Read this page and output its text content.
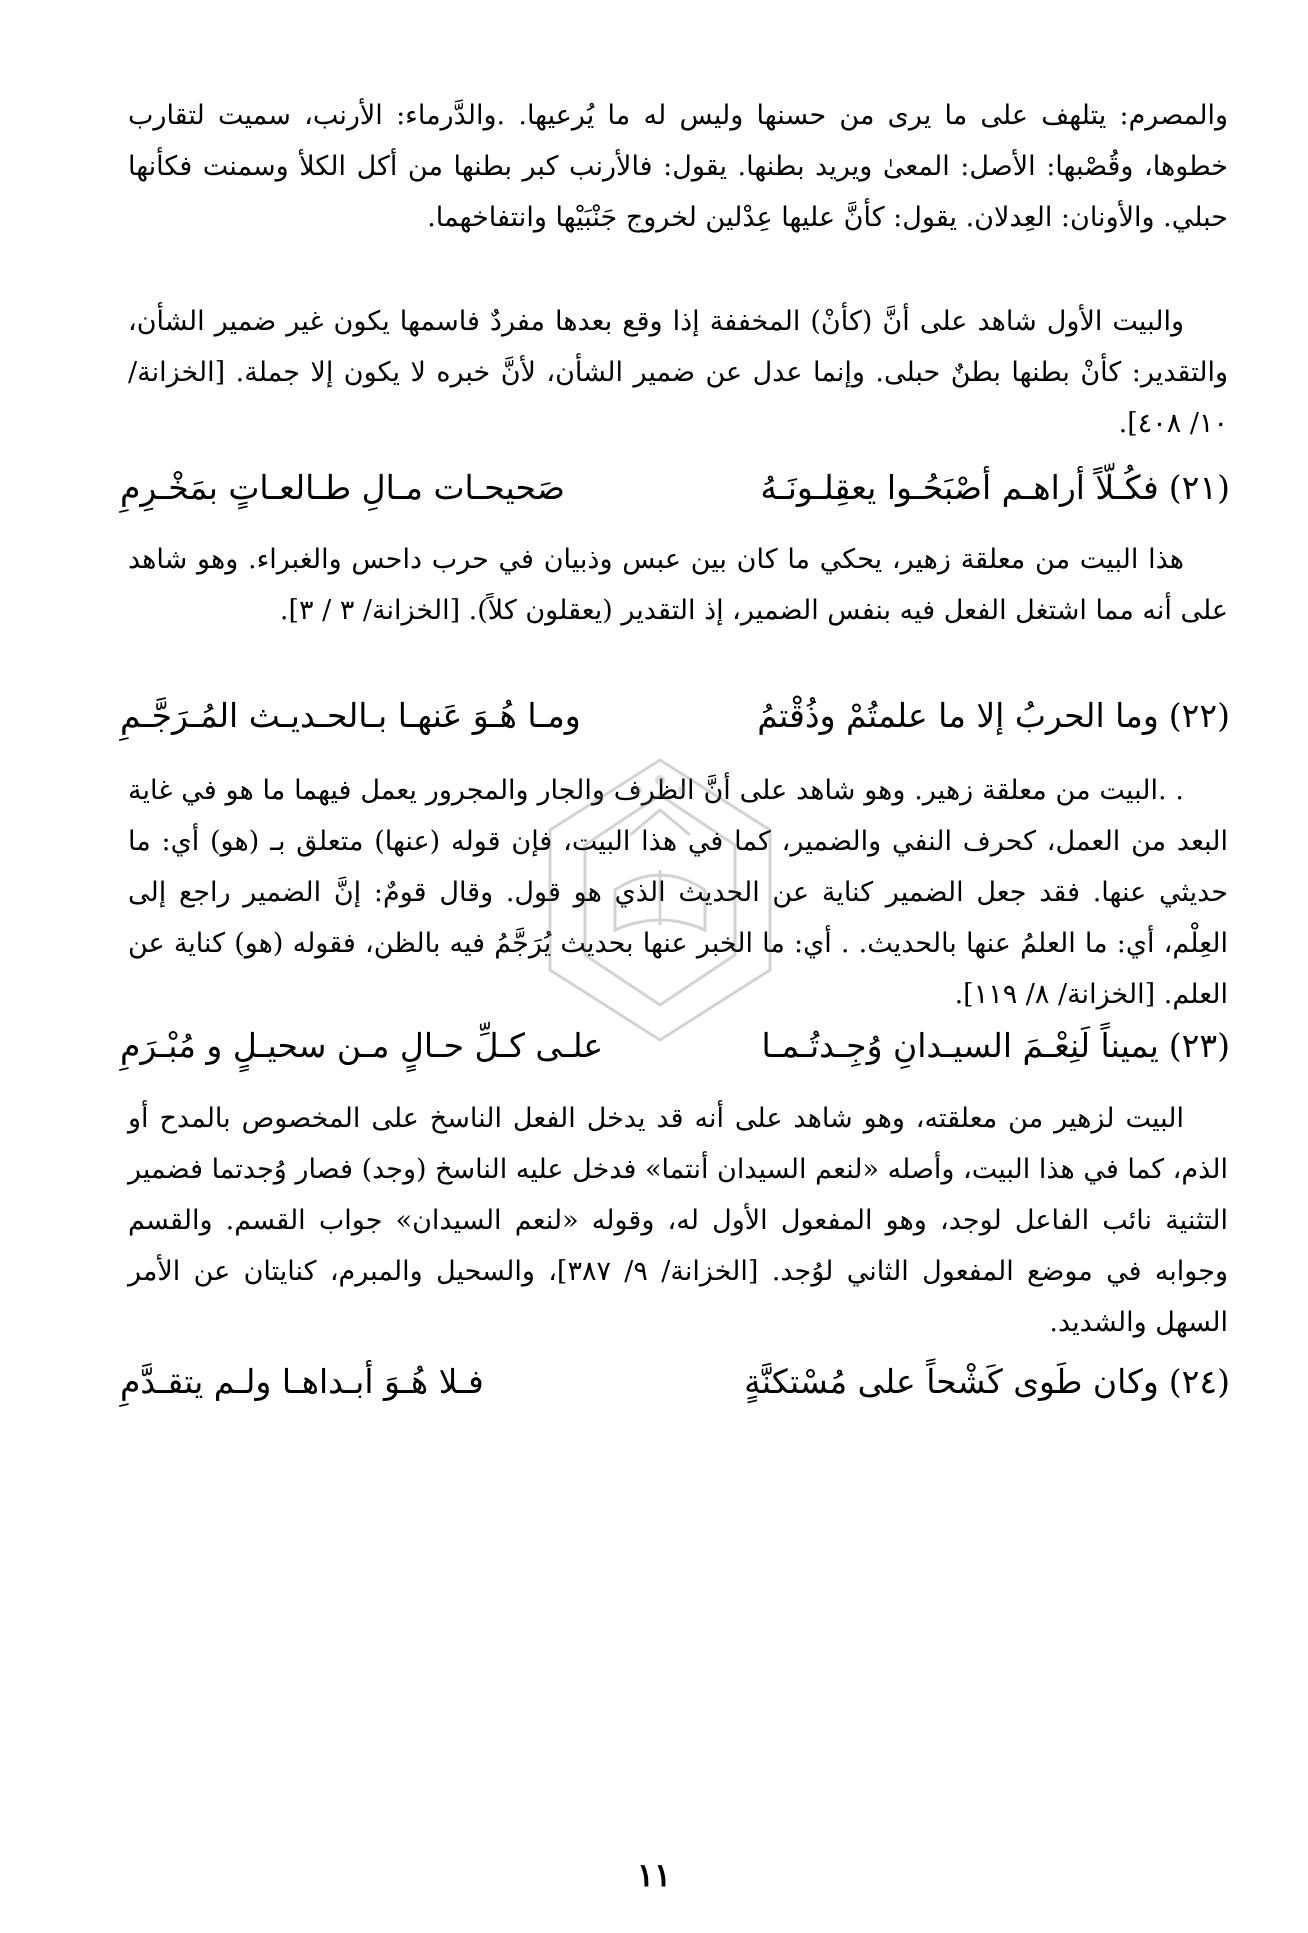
والمصرم: يتلهف على ما يرى من حسنها وليس له ما يُرعيها. .والدَّرماء: الأرنب، سميت لتقارب خطوها، وقُصْبها: الأصل: المعىٰ ويريد بطنها. يقول: فالأرنب كبر بطنها من أكل الكلأ وسمنت فكأنها حبلي. والأونان: العِدلان. يقول: كأنَّ عليها عِدْلين لخروج جَنْبَيْها وانتفاخهما.

والبيت الأول شاهد على أنَّ (كأنْ) المخففة إذا وقع بعدها مفردٌ فاسمها يكون غير ضمير الشأن، والتقدير: كأنْ بطنها بطنٌ حبلى. وإنما عدل عن ضمير الشأن، لأنَّ خبره لا يكون إلا جملة. [الخزانة/ ١٠/ ٤٠٨].

(٢١)
فكُـلّاً أراهـم أصْبَحُـوا يعقِلـونَـهُ
صَحيحـات مـالِ طـالعـاتٍ بمَخْـرِمِ

هذا البيت من معلقة زهير، يحكي ما كان بين عبس وذبيان في حرب داحس والغبراء. وهو شاهد على أنه مما اشتغل الفعل فيه بنفس الضمير، إذ التقدير (يعقلون كلاً). [الخزانة/ ٣ / ٣].

(٢٢)
وما الحربُ إلا ما علمتُمْ وذُقْتمُ
ومـا هُـوَ عَنهـا بـالحـديـث المُـرَجَّـمِ

. .البيت من معلقة زهير. وهو شاهد على أنَّ الظرف والجار والمجرور يعمل فيهما ما هو في غاية البعد من العمل، كحرف النفي والضمير، كما في هذا البيت، فإن قوله (عنها) متعلق بـ (هو) أي: ما حديثي عنها. فقد جعل الضمير كناية عن الحديث الذي هو قول. وقال قومٌ: إنَّ الضمير راجع إلى العِلْم، أي: ما العلمُ عنها بالحديث. . أي: ما الخبر عنها بحديث يُرَجَّمُ فيه بالظن، فقوله (هو) كناية عن العلم. [الخزانة/ ٨/ ١١٩].

(٢٣)
يميناً لَنِعْـمَ السيـدانِ وُجِـدتُـمـا
علـى كـلِّ حـالٍ مـن سحيـلٍ و مُبْـرَمِ

البيت لزهير من معلقته، وهو شاهد على أنه قد يدخل الفعل الناسخ على المخصوص بالمدح أو الذم، كما في هذا البيت، وأصله «لنعم السيدان أنتما» فدخل عليه الناسخ (وجد) فصار وُجدتما فضمير التثنية نائب الفاعل لوجد، وهو المفعول الأول له، وقوله «لنعم السيدان» جواب القسم. والقسم وجوابه في موضع المفعول الثاني لوُجد. [الخزانة/ ٩/ ٣٨٧]، والسحيل والمبرم، كنايتان عن الأمر السهل والشديد.

(٢٤)
وكان طَوى كَشْحاً على مُسْتكنَّةٍ
فـلا هُـوَ أبـداهـا ولـم يتقـدَّمِ
١١
